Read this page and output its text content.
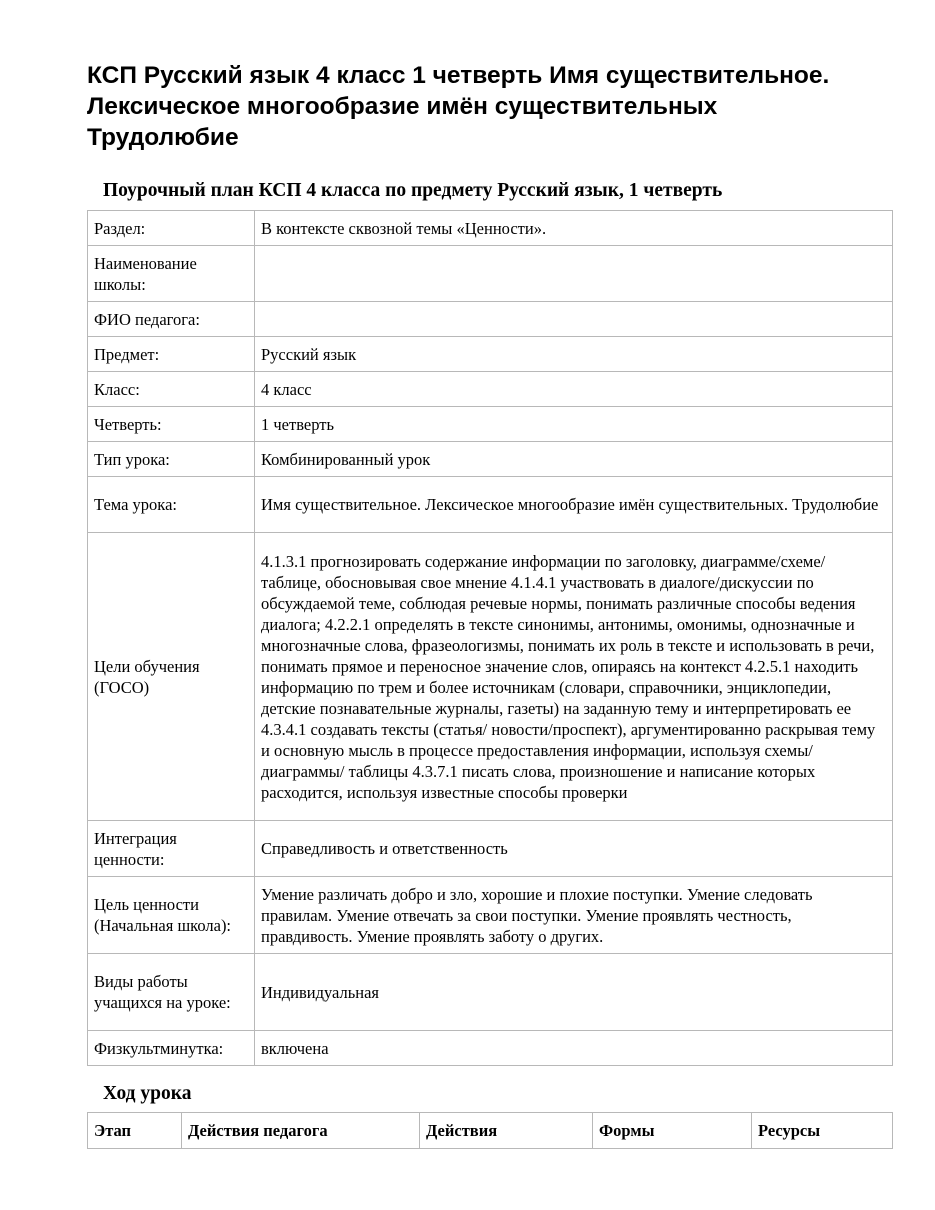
КСП Русский язык 4 класс 1 четверть Имя существительное. Лексическое многообразие имён существительных Трудолюбие
Поурочный план КСП 4 класса по предмету Русский язык, 1 четверть
Раздел:	В контексте сквозной темы «Ценности».
Наименование школы:	
ФИО педагога:	
Предмет:	Русский язык
Класс:	4 класс
Четверть:	1 четверть
Тип урока:	Комбинированный урок
Тема урока:	Имя существительное. Лексическое многообразие имён существительных. Трудолюбие
Цели обучения (ГОСО)	4.1.3.1 прогнозировать содержание информации по заголовку, диаграмме/схеме/ таблице, обосновывая свое мнение 4.1.4.1 участвовать в диалоге/дискуссии по обсуждаемой теме, соблюдая речевые нормы, понимать различные способы ведения диалога; 4.2.2.1 определять в тексте синонимы, антонимы, омонимы, однозначные и многозначные слова, фразеологизмы, понимать их роль в тексте и использовать в речи, понимать прямое и переносное значение слов, опираясь на контекст 4.2.5.1 находить информацию по трем и более источникам (словари, справочники, энциклопедии, детские познавательные журналы, газеты) на заданную тему и интерпретировать ее 4.3.4.1 создавать тексты (статья/ новости/проспект), аргументированно раскрывая тему и основную мысль в процессе предоставления информации, используя схемы/диаграммы/ таблицы 4.3.7.1 писать слова, произношение и написание которых расходится, используя известные способы проверки
Интеграция ценности:	Справедливость и ответственность
Цель ценности (Начальная школа):	Умение различать добро и зло, хорошие и плохие поступки. Умение следовать правилам. Умение отвечать за свои поступки. Умение проявлять честность, правдивость. Умение проявлять заботу о других.
Виды работы учащихся на уроке:	Индивидуальная
Физкультминутка:	включена
Ход урока
Этап	Действия педагога	Действия	Формы	Ресурсы
